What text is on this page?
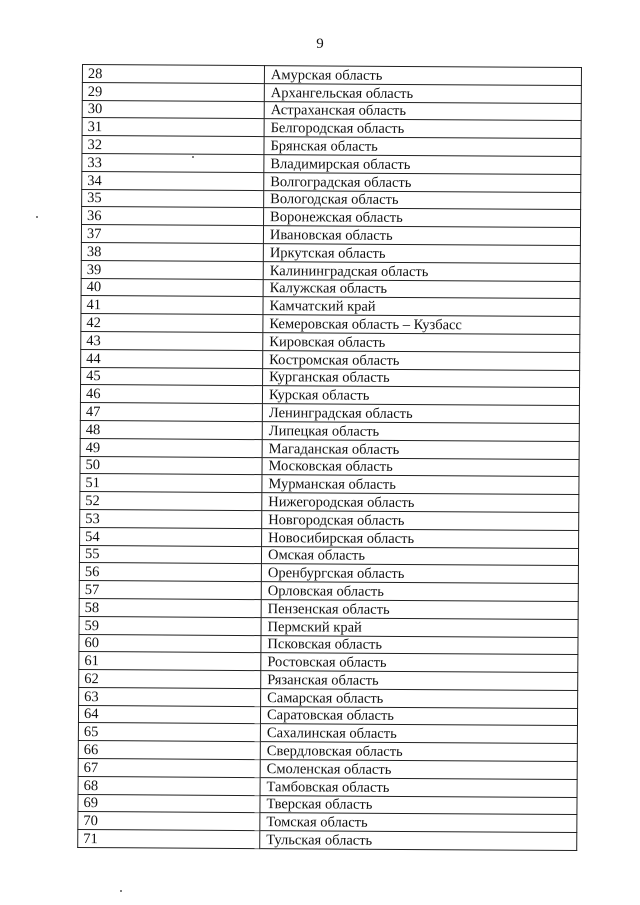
9
28	Амурская область
29	Архангельская область
30	Астраханская область
31	Белгородская область
32	Брянская область
33	Владимирская область
34	Волгоградская область
35	Вологодская область
36	Воронежская область
37	Ивановская область
38	Иркутская область
39	Калининградская область
40	Калужская область
41	Камчатский край
42	Кемеровская область – Кузбасс
43	Кировская область
44	Костромская область
45	Курганская область
46	Курская область
47	Ленинградская область
48	Липецкая область
49	Магаданская область
50	Московская область
51	Мурманская область
52	Нижегородская область
53	Новгородская область
54	Новосибирская область
55	Омская область
56	Оренбургская область
57	Орловская область
58	Пензенская область
59	Пермский край
60	Псковская область
61	Ростовская область
62	Рязанская область
63	Самарская область
64	Саратовская область
65	Сахалинская область
66	Свердловская область
67	Смоленская область
68	Тамбовская область
69	Тверская область
70	Томская область
71	Тульская область
